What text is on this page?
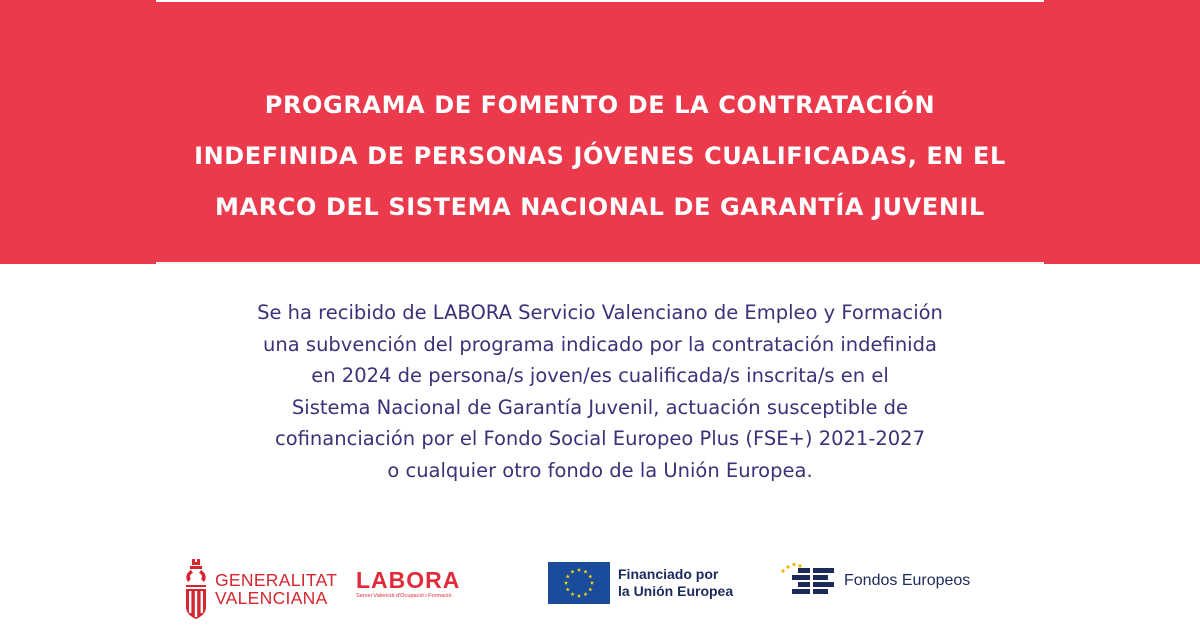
PROGRAMA DE FOMENTO DE LA CONTRATACIÓN
INDEFINIDA DE PERSONAS JÓVENES CUALIFICADAS, EN EL
MARCO DEL SISTEMA NACIONAL DE GARANTÍA JUVENIL
Se ha recibido de LABORA Servicio Valenciano de Empleo y Formación
una subvención del programa indicado por la contratación indefinida
en 2024 de persona/s joven/es cualificada/s inscrita/s en el
Sistema Nacional de Garantía Juvenil, actuación susceptible de
cofinanciación por el Fondo Social Europeo Plus (FSE+) 2021-2027
o cualquier otro fondo de la Unión Europea.
GENERALITAT
VALENCIANA
LABORA
Servei Valencià d'Ocupació i Formació
Financiado por
la Unión Europea
Fondos Europeos
